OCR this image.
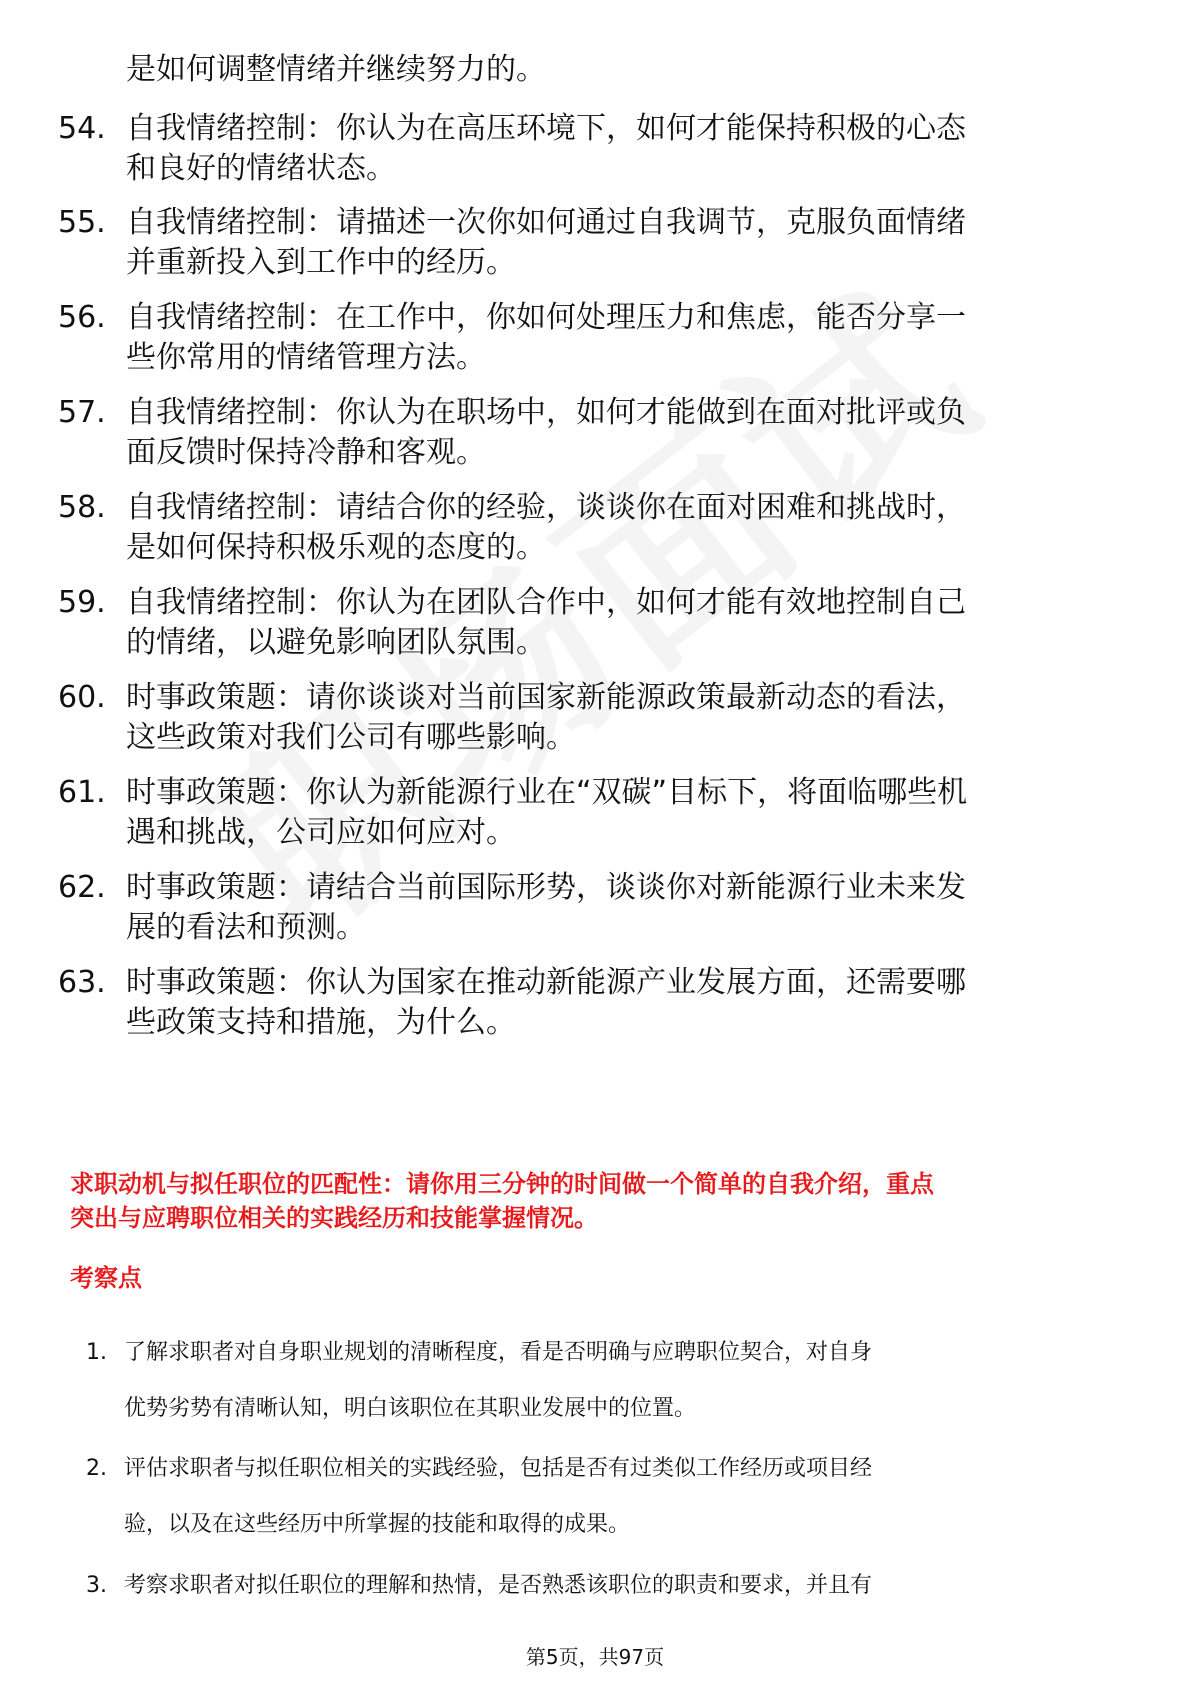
是如何调整情绪并继续努力的。
54. 自我情绪控制：你认为在高压环境下，如何才能保持积极的心态
和良好的情绪状态。
55. 自我情绪控制：请描述一次你如何通过自我调节，克服负面情绪
并重新投入到工作中的经历。
56. 自我情绪控制：在工作中，你如何处理压力和焦虑，能否分享一
些你常用的情绪管理方法。
57. 自我情绪控制：你认为在职场中，如何才能做到在面对批评或负
面反馈时保持冷静和客观。
58. 自我情绪控制：请结合你的经验，谈谈你在面对困难和挑战时，
是如何保持积极乐观的态度的。
59. 自我情绪控制：你认为在团队合作中，如何才能有效地控制自己
的情绪，以避免影响团队氛围。
60. 时事政策题：请你谈谈对当前国家新能源政策最新动态的看法，
这些政策对我们公司有哪些影响。
61. 时事政策题：你认为新能源行业在“双碳”目标下，将面临哪些机
遇和挑战，公司应如何应对。
62. 时事政策题：请结合当前国际形势，谈谈你对新能源行业未来发
展的看法和预测。
63. 时事政策题：你认为国家在推动新能源产业发展方面，还需要哪
些政策支持和措施，为什么。
求职动机与拟任职位的匹配性：请你用三分钟的时间做一个简单的自我介绍，重点
突出与应聘职位相关的实践经历和技能掌握情况。
考察点
1. 了解求职者对自身职业规划的清晰程度，看是否明确与应聘职位契合，对自身
优势劣势有清晰认知，明白该职位在其职业发展中的位置。
2. 评估求职者与拟任职位相关的实践经验，包括是否有过类似工作经历或项目经
验，以及在这些经历中所掌握的技能和取得的成果。
3. 考察求职者对拟任职位的理解和热情，是否熟悉该职位的职责和要求，并且有
第5页，共97页
